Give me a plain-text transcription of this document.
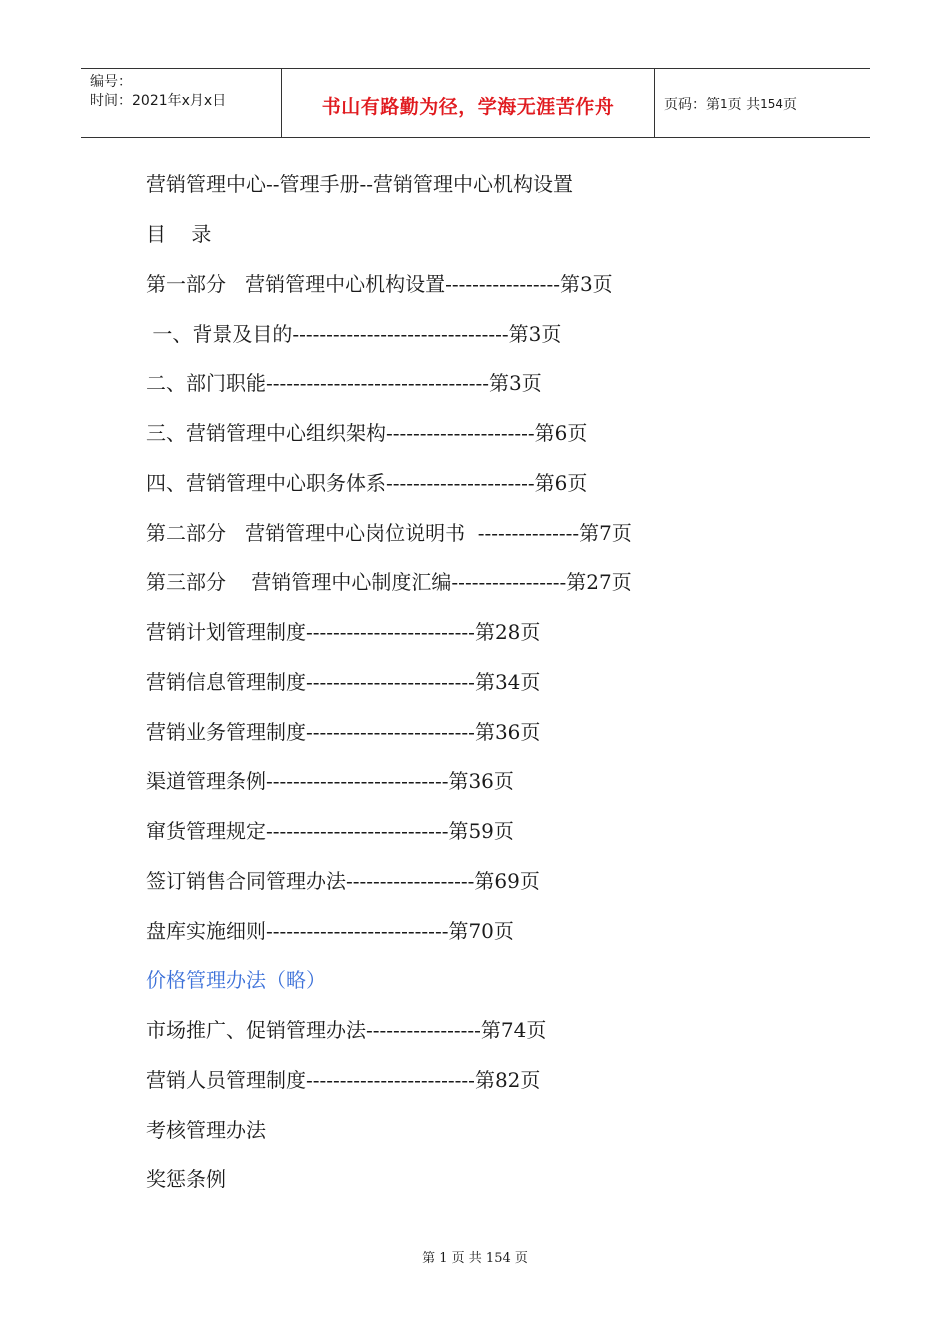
编号：
时间：2021年x月x日	书山有路勤为径，学海无涯苦作舟	页码：第 1 页 共 154 页
营销管理中心--管理手册--营销管理中心机构设置
目    录
第一部分   营销管理中心机构设置-----------------第3页
一、背景及目的--------------------------------第3页
二、部门职能---------------------------------第3页
三、营销管理中心组织架构----------------------第6页
四、营销管理中心职务体系----------------------第6页
第二部分   营销管理中心岗位说明书  ---------------第7页
第三部分    营销管理中心制度汇编-----------------第27页
营销计划管理制度-------------------------第28页
营销信息管理制度-------------------------第34页
营销业务管理制度-------------------------第36页
渠道管理条例---------------------------第36页
窜货管理规定---------------------------第59页
签订销售合同管理办法-------------------第69页
盘库实施细则---------------------------第70页
价格管理办法（略）
市场推广、促销管理办法-----------------第74页
营销人员管理制度-------------------------第82页
考核管理办法
奖惩条例
第 1 页 共 154 页
